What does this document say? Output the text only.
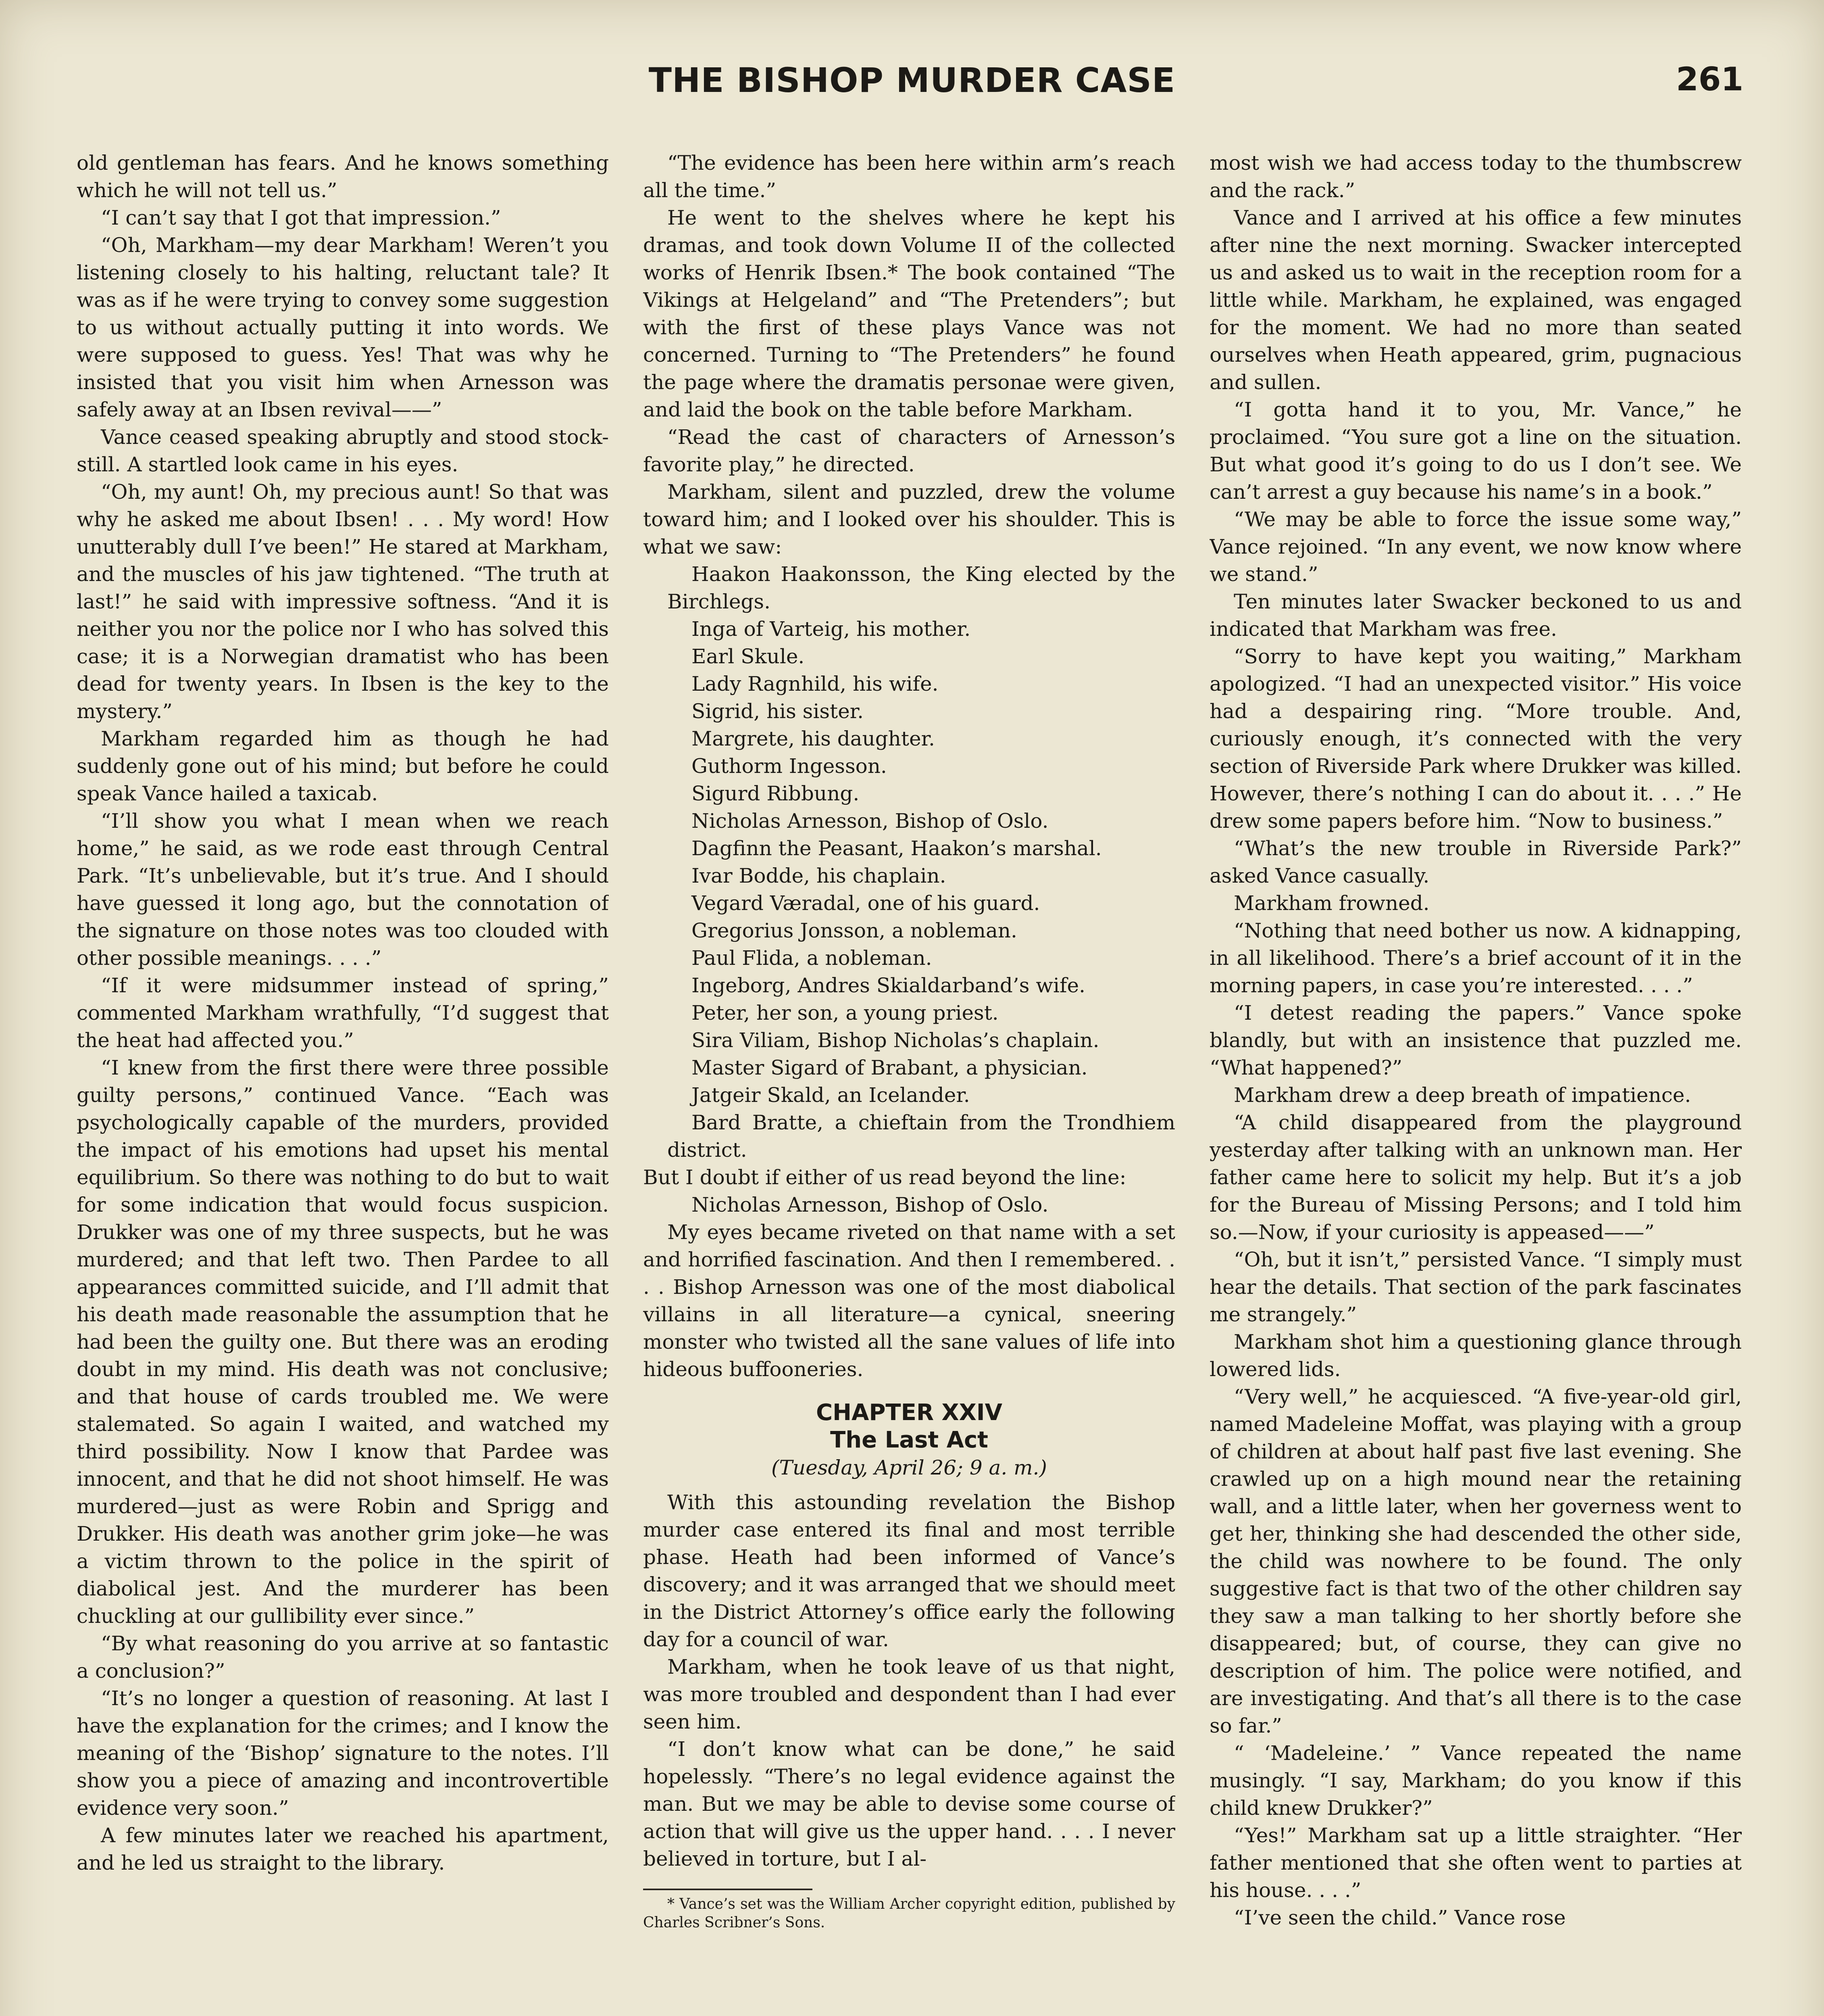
THE BISHOP MURDER CASE	261

old gentleman has fears. And he knows something which he will not tell us.”

“I can’t say that I got that impression.”

“Oh, Markham—my dear Markham! Weren’t you listening closely to his halting, reluctant tale? It was as if he were trying to convey some suggestion to us without actually putting it into words. We were supposed to guess. Yes! That was why he insisted that you visit him when Arnesson was safely away at an Ibsen revival——”

Vance ceased speaking abruptly and stood stock-still. A startled look came in his eyes.

“Oh, my aunt! Oh, my precious aunt! So that was why he asked me about Ibsen! . . . My word! How unutterably dull I’ve been!” He stared at Markham, and the muscles of his jaw tightened. “The truth at last!” he said with impressive softness. “And it is neither you nor the police nor I who has solved this case; it is a Norwegian dramatist who has been dead for twenty years. In Ibsen is the key to the mystery.”

Markham regarded him as though he had suddenly gone out of his mind; but before he could speak Vance hailed a taxicab.

“I’ll show you what I mean when we reach home,” he said, as we rode east through Central Park. “It’s unbelievable, but it’s true. And I should have guessed it long ago, but the connotation of the signature on those notes was too clouded with other possible meanings. . . .”

“If it were midsummer instead of spring,” commented Markham wrathfully, “I’d suggest that the heat had affected you.”

“I knew from the first there were three possible guilty persons,” continued Vance. “Each was psychologically capable of the murders, provided the impact of his emotions had upset his mental equilibrium. So there was nothing to do but to wait for some indication that would focus suspicion. Drukker was one of my three suspects, but he was murdered; and that left two. Then Pardee to all appearances committed suicide, and I’ll admit that his death made reasonable the assumption that he had been the guilty one. But there was an eroding doubt in my mind. His death was not conclusive; and that house of cards troubled me. We were stalemated. So again I waited, and watched my third possibility. Now I know that Pardee was innocent, and that he did not shoot himself. He was murdered—just as were Robin and Sprigg and Drukker. His death was another grim joke—he was a victim thrown to the police in the spirit of diabolical jest. And the murderer has been chuckling at our gullibility ever since.”

“By what reasoning do you arrive at so fantastic a conclusion?”

“It’s no longer a question of reasoning. At last I have the explanation for the crimes; and I know the meaning of the ‘Bishop’ signature to the notes. I’ll show you a piece of amazing and incontrovertible evidence very soon.”

A few minutes later we reached his apartment, and he led us straight to the library.

“The evidence has been here within arm’s reach all the time.”

He went to the shelves where he kept his dramas, and took down Volume II of the collected works of Henrik Ibsen.* The book contained “The Vikings at Helgeland” and “The Pretenders”; but with the first of these plays Vance was not concerned. Turning to “The Pretenders” he found the page where the dramatis personae were given, and laid the book on the table before Markham.

“Read the cast of characters of Arnesson’s favorite play,” he directed.

Markham, silent and puzzled, drew the volume toward him; and I looked over his shoulder. This is what we saw:

Haakon Haakonsson, the King elected by the Birchlegs.

Inga of Varteig, his mother.

Earl Skule.

Lady Ragnhild, his wife.

Sigrid, his sister.

Margrete, his daughter.

Guthorm Ingesson.

Sigurd Ribbung.

Nicholas Arnesson, Bishop of Oslo.

Dagfinn the Peasant, Haakon’s marshal.

Ivar Bodde, his chaplain.

Vegard Væradal, one of his guard.

Gregorius Jonsson, a nobleman.

Paul Flida, a nobleman.

Ingeborg, Andres Skialdarband’s wife.

Peter, her son, a young priest.

Sira Viliam, Bishop Nicholas’s chaplain.

Master Sigard of Brabant, a physician.

Jatgeir Skald, an Icelander.

Bard Bratte, a chieftain from the Trondhiem district.

But I doubt if either of us read beyond the line:

Nicholas Arnesson, Bishop of Oslo.

My eyes became riveted on that name with a set and horrified fascination. And then I remembered. . . . Bishop Arnesson was one of the most diabolical villains in all literature—a cynical, sneering monster who twisted all the sane values of life into hideous buffooneries.

CHAPTER XXIV
The Last Act
(Tuesday, April 26; 9 a. m.)

With this astounding revelation the Bishop murder case entered its final and most terrible phase. Heath had been informed of Vance’s discovery; and it was arranged that we should meet in the District Attorney’s office early the following day for a council of war.

Markham, when he took leave of us that night, was more troubled and despondent than I had ever seen him.

“I don’t know what can be done,” he said hopelessly. “There’s no legal evidence against the man. But we may be able to devise some course of action that will give us the upper hand. . . . I never believed in torture, but I al-

* Vance’s set was the William Archer copyright edition, published by Charles Scribner’s Sons.

most wish we had access today to the thumbscrew and the rack.”

Vance and I arrived at his office a few minutes after nine the next morning. Swacker intercepted us and asked us to wait in the reception room for a little while. Markham, he explained, was engaged for the moment. We had no more than seated ourselves when Heath appeared, grim, pugnacious and sullen.

“I gotta hand it to you, Mr. Vance,” he proclaimed. “You sure got a line on the situation. But what good it’s going to do us I don’t see. We can’t arrest a guy because his name’s in a book.”

“We may be able to force the issue some way,” Vance rejoined. “In any event, we now know where we stand.”

Ten minutes later Swacker beckoned to us and indicated that Markham was free.

“Sorry to have kept you waiting,” Markham apologized. “I had an unexpected visitor.” His voice had a despairing ring. “More trouble. And, curiously enough, it’s connected with the very section of Riverside Park where Drukker was killed. However, there’s nothing I can do about it. . . .” He drew some papers before him. “Now to business.”

“What’s the new trouble in Riverside Park?” asked Vance casually.

Markham frowned.

“Nothing that need bother us now. A kidnapping, in all likelihood. There’s a brief account of it in the morning papers, in case you’re interested. . . .”

“I detest reading the papers.” Vance spoke blandly, but with an insistence that puzzled me. “What happened?”

Markham drew a deep breath of impatience.

“A child disappeared from the playground yesterday after talking with an unknown man. Her father came here to solicit my help. But it’s a job for the Bureau of Missing Persons; and I told him so.—Now, if your curiosity is appeased——”

“Oh, but it isn’t,” persisted Vance. “I simply must hear the details. That section of the park fascinates me strangely.”

Markham shot him a questioning glance through lowered lids.

“Very well,” he acquiesced. “A five-year-old girl, named Madeleine Moffat, was playing with a group of children at about half past five last evening. She crawled up on a high mound near the retaining wall, and a little later, when her governess went to get her, thinking she had descended the other side, the child was nowhere to be found. The only suggestive fact is that two of the other children say they saw a man talking to her shortly before she disappeared; but, of course, they can give no description of him. The police were notified, and are investigating. And that’s all there is to the case so far.”

“ ‘Madeleine.’ ” Vance repeated the name musingly. “I say, Markham; do you know if this child knew Drukker?”

“Yes!” Markham sat up a little straighter. “Her father mentioned that she often went to parties at his house. . . .”

“I’ve seen the child.” Vance rose
